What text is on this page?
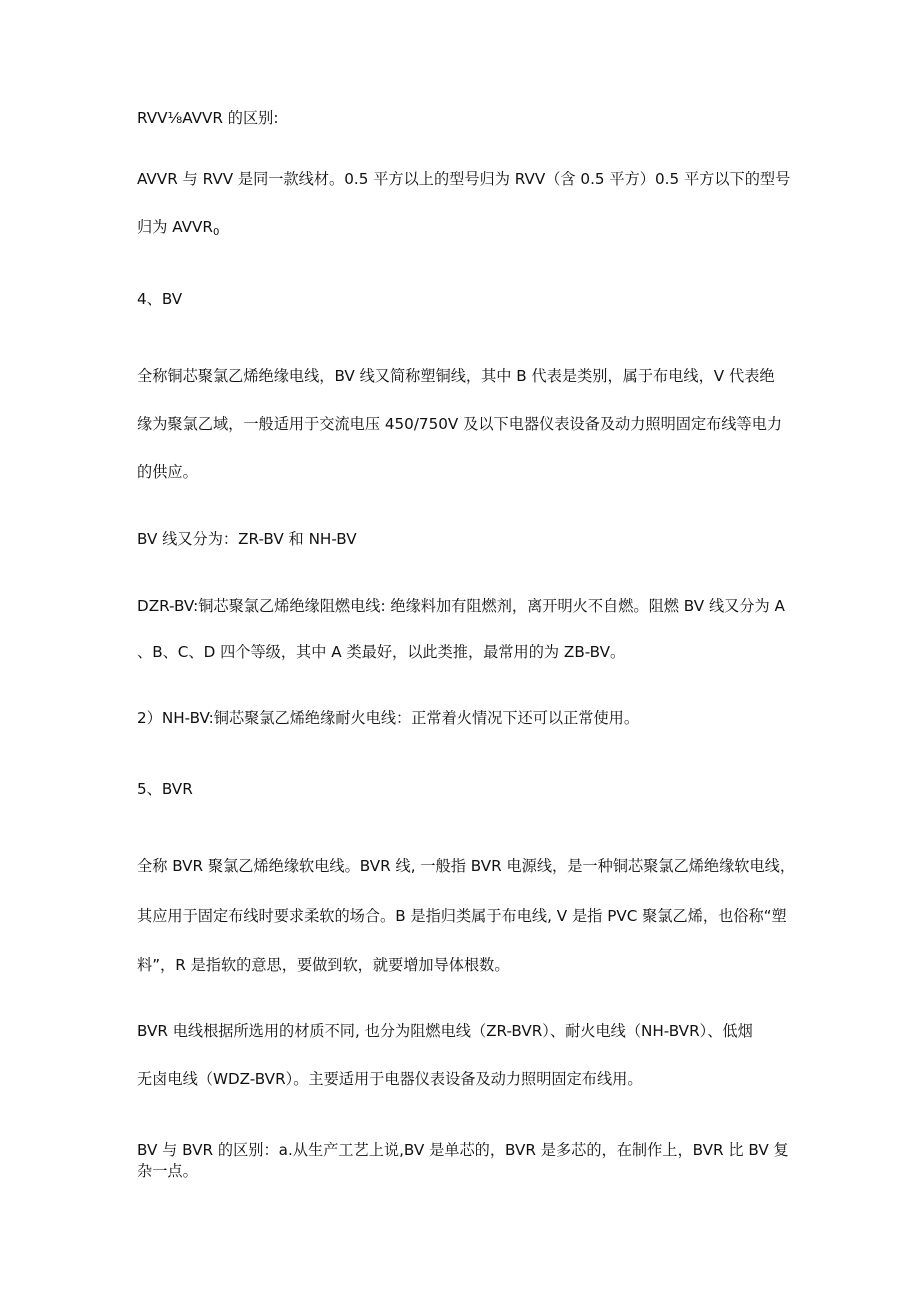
RVV⅛AVVR 的区别:
AVVR 与 RVV 是同一款线材。0.5 平方以上的型号归为 RVV（含 0.5 平方）0.5 平方以下的型号
归为 $AVVR_0$
4、BV
全称铜芯聚氯乙烯绝缘电线，BV 线又简称塑铜线，其中 B 代表是类别，属于布电线，V 代表绝
缘为聚氯乙域，一般适用于交流电压 450/750V 及以下电器仪表设备及动力照明固定布线等电力
的供应。
BV 线又分为：ZR-BV 和 NH-BV
DZR-BV:铜芯聚氯乙烯绝缘阻燃电线: 绝缘料加有阻燃剂，离开明火不自燃。阻燃 BV 线又分为 A
、B、C、D 四个等级，其中 A 类最好，以此类推，最常用的为 ZB-BV。
2）NH-BV:铜芯聚氯乙烯绝缘耐火电线：正常着火情况下还可以正常使用。
5、BVR
全称 BVR 聚氯乙烯绝缘软电线。BVR 线, 一般指 BVR 电源线，是一种铜芯聚氯乙烯绝缘软电线，
其应用于固定布线时要求柔软的场合。B 是指归类属于布电线, V 是指 PVC 聚氯乙烯，也俗称“塑
料”，R 是指软的意思，要做到软，就要增加导体根数。
BVR 电线根据所选用的材质不同, 也分为阻燃电线（ZR-BVR）、耐火电线（NH-BVR）、低烟
无卤电线（WDZ-BVR）。主要适用于电器仪表设备及动力照明固定布线用。
BV 与 BVR 的区别：a.从生产工艺上说,BV 是单芯的，BVR 是多芯的，在制作上，BVR 比 BV 复
杂一点。
